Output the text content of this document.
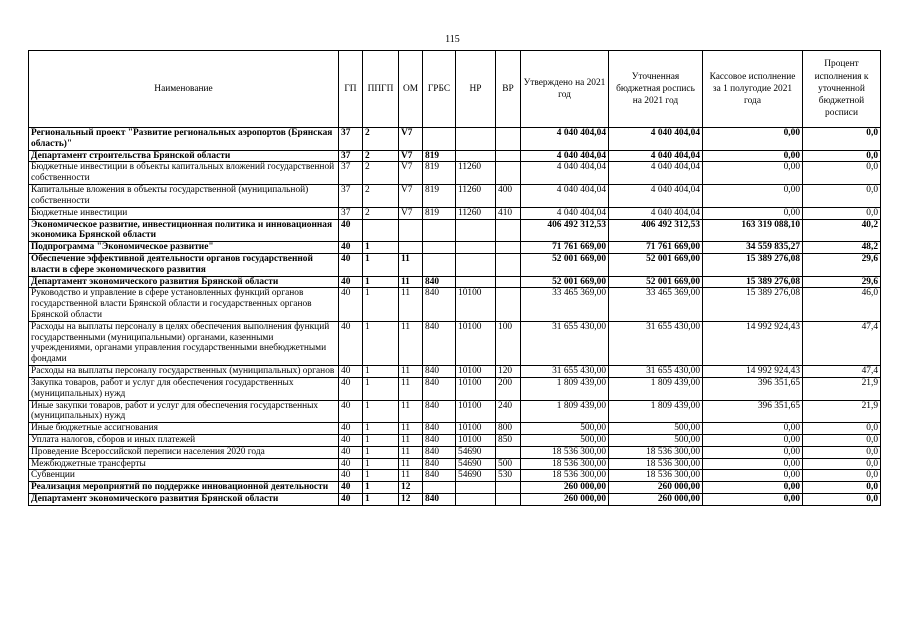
115
Наименование	ГП	ППГП	ОМ	ГРБС	НР	ВР	Утверждено на 2021 год	Уточненная бюджетная роспись на 2021 год	Кассовое исполнение за 1 полугодие 2021 года	Процент исполнения к уточненной бюджетной росписи
Региональный проект "Развитие региональных аэропортов (Брянская область)"	37	2	V7				4 040 404,04	4 040 404,04	0,00	0,0
Департамент строительства Брянской области	37	2	V7	819			4 040 404,04	4 040 404,04	0,00	0,0
Бюджетные инвестиции в объекты капитальных вложений государственной собственности	37	2	V7	819	11260		4 040 404,04	4 040 404,04	0,00	0,0
Капитальные вложения в объекты государственной (муниципальной) собственности	37	2	V7	819	11260	400	4 040 404,04	4 040 404,04	0,00	0,0
Бюджетные инвестиции	37	2	V7	819	11260	410	4 040 404,04	4 040 404,04	0,00	0,0
Экономическое развитие, инвестиционная политика и инновационная экономика Брянской области	40						406 492 312,53	406 492 312,53	163 319 088,10	40,2
Подпрограмма "Экономическое развитие"	40	1					71 761 669,00	71 761 669,00	34 559 835,27	48,2
Обеспечение эффективной деятельности органов государственной власти в сфере экономического развития	40	1	11				52 001 669,00	52 001 669,00	15 389 276,08	29,6
Департамент экономического развития Брянской области	40	1	11	840			52 001 669,00	52 001 669,00	15 389 276,08	29,6
Руководство и управление в сфере установленных функций органов государственной власти Брянской области и государственных органов Брянской области	40	1	11	840	10100		33 465 369,00	33 465 369,00	15 389 276,08	46,0
Расходы на выплаты персоналу в целях обеспечения выполнения функций государственными (муниципальными) органами, казенными учреждениями, органами управления государственными внебюджетными фондами	40	1	11	840	10100	100	31 655 430,00	31 655 430,00	14 992 924,43	47,4
Расходы на выплаты персоналу государственных (муниципальных) органов	40	1	11	840	10100	120	31 655 430,00	31 655 430,00	14 992 924,43	47,4
Закупка товаров, работ и услуг для обеспечения государственных (муниципальных) нужд	40	1	11	840	10100	200	1 809 439,00	1 809 439,00	396 351,65	21,9
Иные закупки товаров, работ и услуг для обеспечения государственных (муниципальных) нужд	40	1	11	840	10100	240	1 809 439,00	1 809 439,00	396 351,65	21,9
Иные бюджетные ассигнования	40	1	11	840	10100	800	500,00	500,00	0,00	0,0
Уплата налогов, сборов и иных платежей	40	1	11	840	10100	850	500,00	500,00	0,00	0,0
Проведение Всероссийской переписи населения 2020 года	40	1	11	840	54690		18 536 300,00	18 536 300,00	0,00	0,0
Межбюджетные трансферты	40	1	11	840	54690	500	18 536 300,00	18 536 300,00	0,00	0,0
Субвенции	40	1	11	840	54690	530	18 536 300,00	18 536 300,00	0,00	0,0
Реализация мероприятий по поддержке инновационной деятельности	40	1	12				260 000,00	260 000,00	0,00	0,0
Департамент экономического развития Брянской области	40	1	12	840			260 000,00	260 000,00	0,00	0,0
